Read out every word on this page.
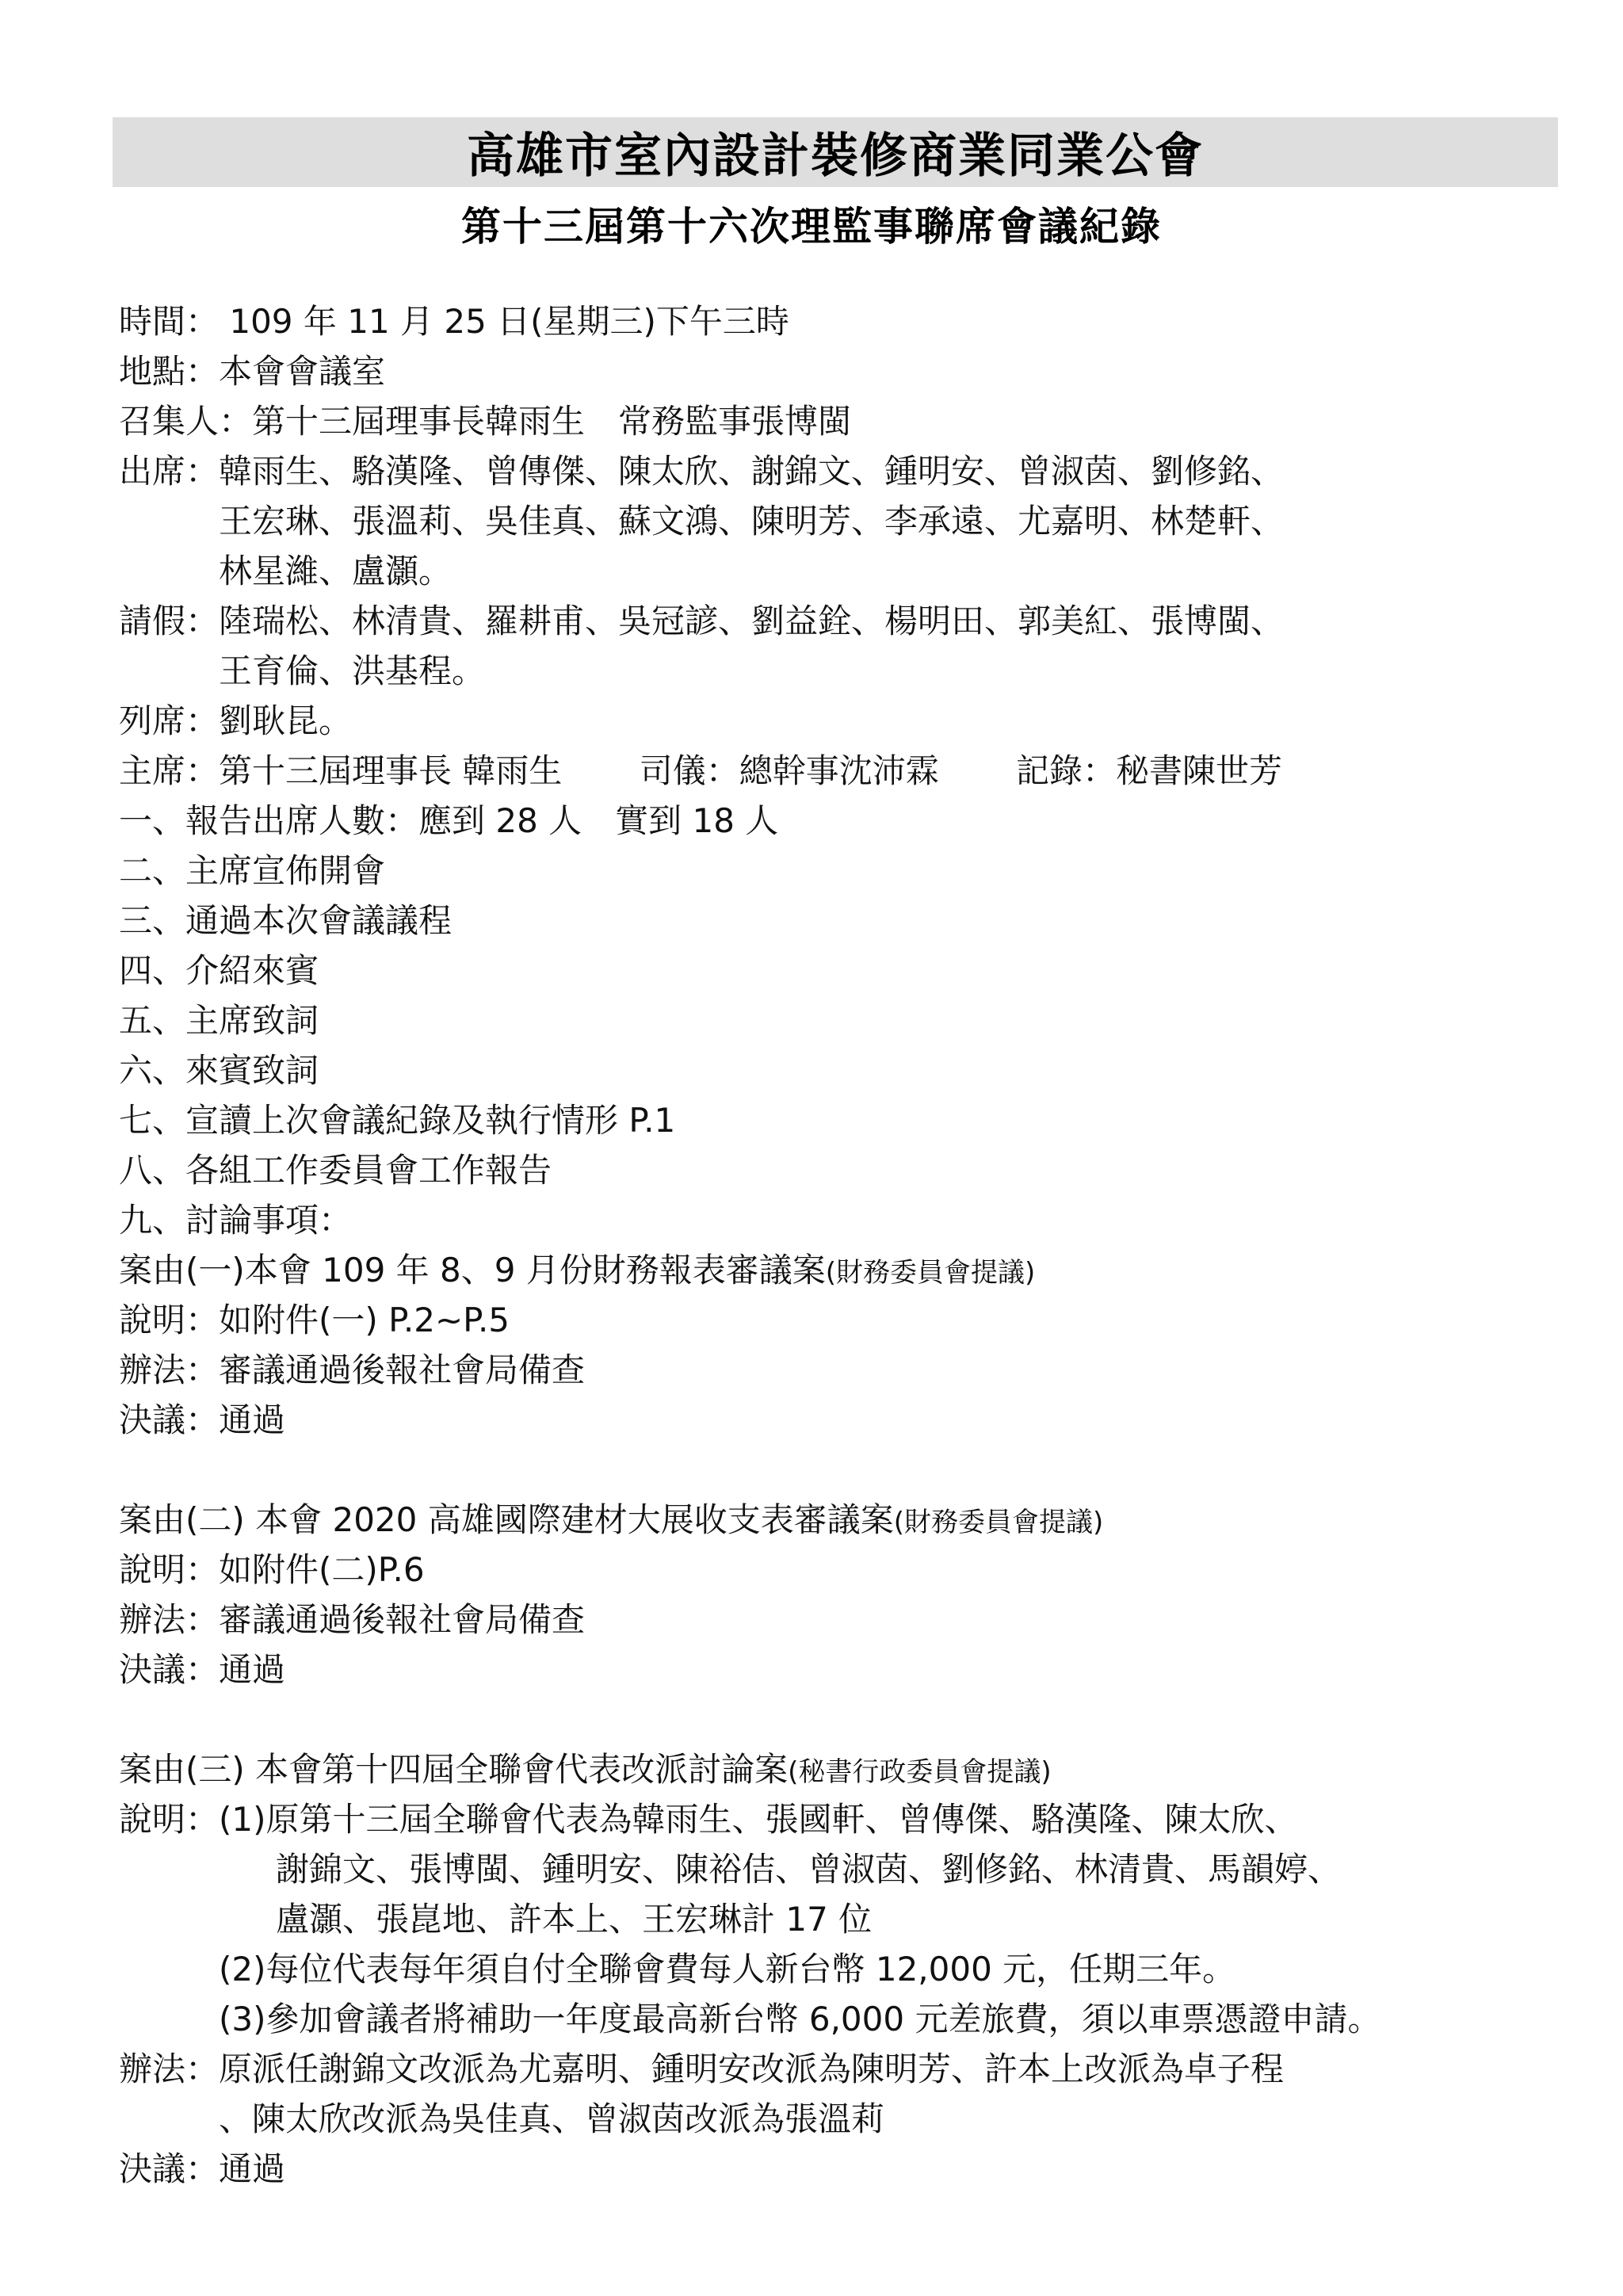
高雄市室內設計裝修商業同業公會
第十三屆第十六次理監事聯席會議紀錄
時間： 109 年 11 月 25 日(星期三)下午三時
地點：本會會議室
召集人：第十三屆理事長韓雨生　常務監事張博閩
出席： 韓雨生、駱漢隆、曾傳傑、陳太欣、謝錦文、鍾明安、曾淑茵、劉修銘、
王宏琳、張溫莉、吳佳真、蘇文鴻、陳明芳、李承遠、尤嘉明、林楚軒、
林星濰、盧灝。
請假： 陸瑞松、林清貴、羅耕甫、吳冠諺、劉益銓、楊明田、郭美紅、張博閩、
王育倫、洪基程。
列席：劉耿昆。
主席：第十三屆理事長 韓雨生　　 司儀：總幹事沈沛霖　　 記錄：秘書陳世芳
一、報告出席人數：應到 28 人　實到 18 人
二、主席宣佈開會
三、通過本次會議議程
四、介紹來賓
五、主席致詞
六、來賓致詞
七、宣讀上次會議紀錄及執行情形 P.1
八、各組工作委員會工作報告
九、討論事項：
案由(一)本會 109 年 8、9 月份財務報表審議案(財務委員會提議)
說明：如附件(一) P.2~P.5
辦法：審議通過後報社會局備查
決議：通過
案由(二) 本會 2020 高雄國際建材大展收支表審議案(財務委員會提議)
說明：如附件(二)P.6
辦法：審議通過後報社會局備查
決議：通過
案由(三) 本會第十四屆全聯會代表改派討論案(秘書行政委員會提議)
說明： (1)原第十三屆全聯會代表為韓雨生、張國軒、曾傳傑、駱漢隆、陳太欣、
謝錦文、張博閩、鍾明安、陳裕佶、曾淑茵、劉修銘、林清貴、馬韻婷、
盧灝、張崑地、許本上、王宏琳計 17 位
(2)每位代表每年須自付全聯會費每人新台幣 12,000 元，任期三年。
(3)參加會議者將補助一年度最高新台幣 6,000 元差旅費，須以車票憑證申請。
辦法： 原派任謝錦文改派為尤嘉明、鍾明安改派為陳明芳、許本上改派為卓子程
、陳太欣改派為吳佳真、曾淑茵改派為張溫莉
決議：通過
